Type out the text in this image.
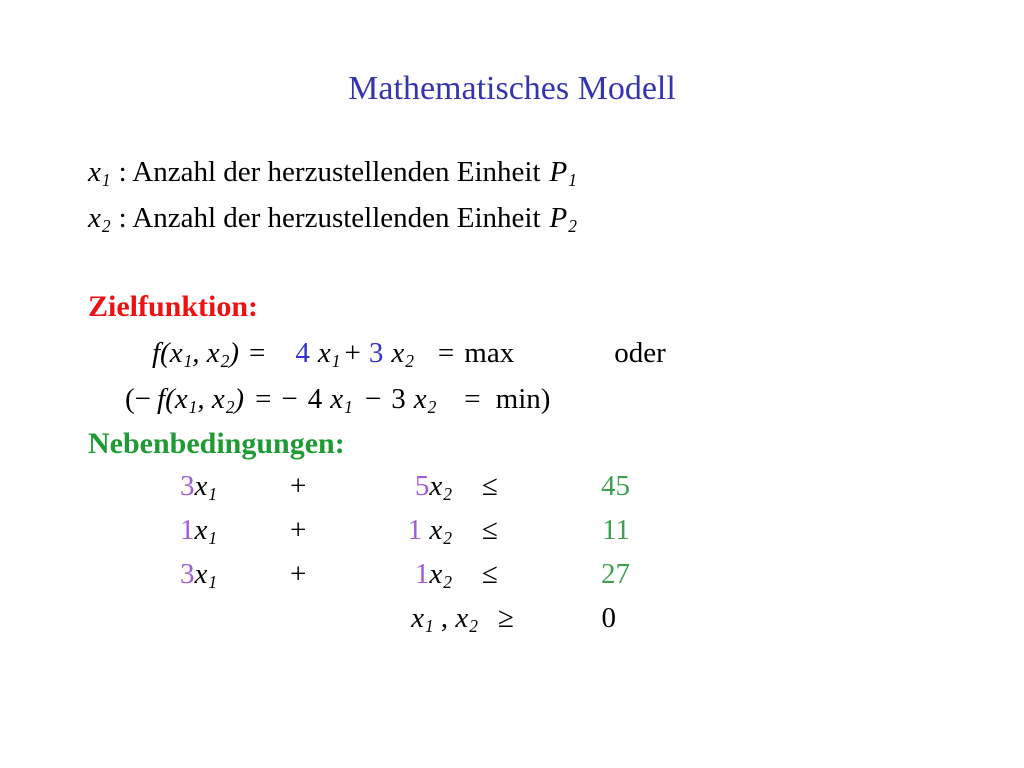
Mathematisches Modell
$x_1$ : Anzahl der herzustellenden Einheit $P_1$
$x_2$ : Anzahl der herzustellenden Einheit $P_2$
Zielfunktion:
$f(x_1$, $x_2) = 4$ $x_1 + 3$ $x_2 = \max$	oder
(− $f(x_1$, $x_2$) = − 4 $x_1 - 3$ $x_2 = \min$)
Nebenbedingungen:
$3x_1$	+	$5x_2$ ≤	45
$1x_1$	+	1 $x_2$ ≤	11
$3x_1$	+	$1x_2$ ≤	27
$x_1$ , $x_2$ ≥	0
